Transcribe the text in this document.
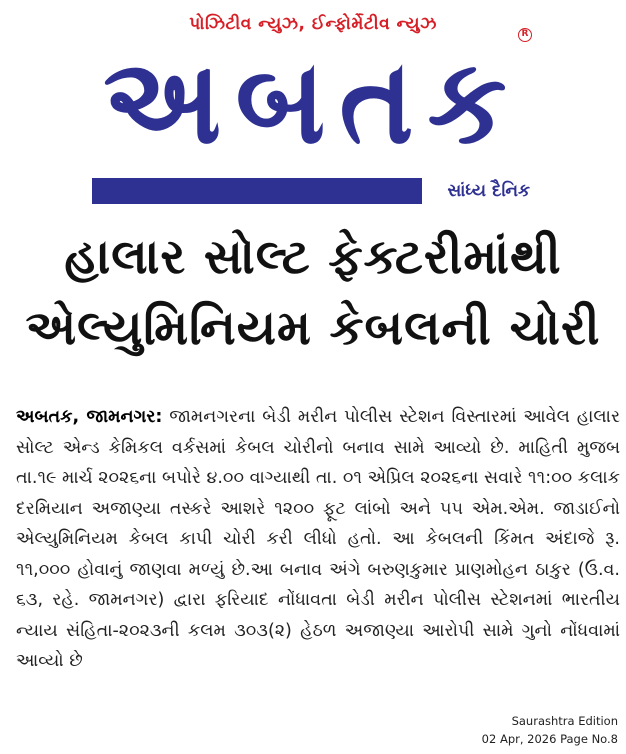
પોઝિટીવ ન્યુઝ, ઈન્ફોર્મેટીવ ન્યુઝ
અબતક R
સાંધ્ય દૈનિક
હાલાર સોલ્ટ ફેક્ટરીમાંથી
એલ્યુમિનિયમ કેબલની ચોરી
અબતક, જામનગર: જામનગરના બેડી મરીન પોલીસ સ્ટેશન વિસ્તારમાં આવેલ હાલાર સોલ્ટ એન્ડ કેમિકલ વર્કસમાં કેબલ ચોરીનો બનાવ સામે આવ્યો છે. માહિતી મુજબ તા.૧૯ માર્ચ ૨૦૨૬ના બપોરે ૪.૦૦ વાગ્યાથી તા. ૦૧ એપ્રિલ ૨૦૨૬ના સવારે ૧૧:૦૦ કલાક દરમિયાન અજાણ્યા તસ્કરે આશરે ૧૨૦૦ ફૂટ લાંબો અને ૫૫ એમ.એમ. જાડાઈનો એલ્યુમિનિયમ કેબલ કાપી ચોરી કરી લીધો હતો. આ કેબલની કિંમત અંદાજે રૂ. ૧૧,૦૦૦ હોવાનું જાણવા મળ્યું છે.આ બનાવ અંગે બરુણકુમાર પ્રાણમોહન ઠાકુર (ઉ.વ. ૬૩, રહે. જામનગર) દ્વારા ફરિયાદ નોંધાવતા બેડી મરીન પોલીસ સ્ટેશનમાં ભારતીય ન્યાય સંહિતા-૨૦૨૩ની કલમ ૩૦૩(૨) હેઠળ અજાણ્યા આરોપી સામે ગુનો નોંધવામાં આવ્યો છે
Saurashtra Edition
02 Apr, 2026 Page No.8
